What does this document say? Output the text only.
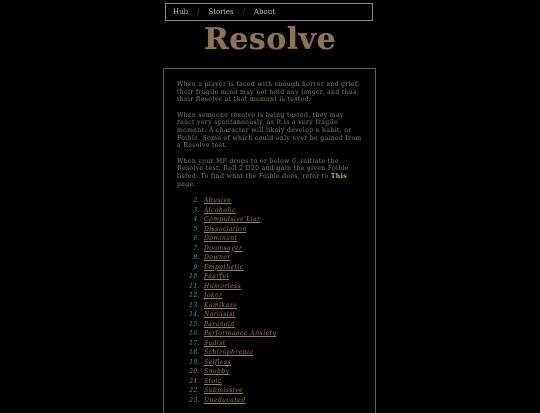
Hub / Stories / About
Resolve

When a player is faced with enough horror and grief, their fragile mind may not hold any longer, and thus, their Resolve at that moment is tested.

When someone resolve is being tested, they may react very spontaneously, as it is a very fragile moment. A character will likely develop a habit, or Foible. Some of which could only ever be gained from a Resolve test.

When your MP drops to or below 0, initiate the Resolve test. Roll 2 D20 and gain the given Foible listed. To find what the Foible does, refer to This page.

2. Abusive
3. Alcoholic
4. Compulsive Liar
5. Dissociation
6. Dominant
7. Doomsayer
8. Downer
9. Empathetic
10. Fearful
11. Humorless
12. Joker
13. Kamikaze
14. Narcisist
15. Paranoid
16. Performance Anxiety
17. Sadist
18. Schizophrenia
19. Selfless
20. Snobby
21. Stoic
22. Submissive
23. Uneducated
